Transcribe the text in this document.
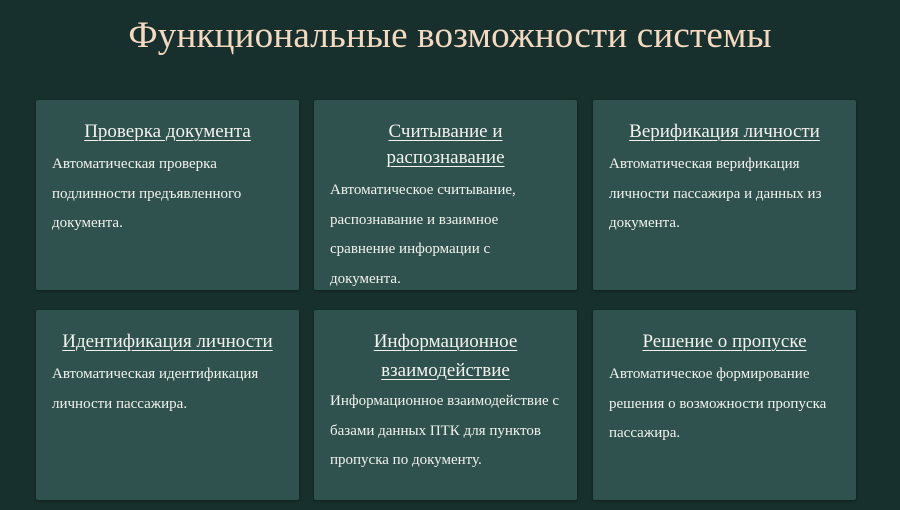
Функциональные возможности системы
Проверка документа
Автоматическая проверка подлинности предъявленного документа.
Считывание и распознавание
Автоматическое считывание, распознавание и взаимное сравнение информации с документа.
Верификация личности
Автоматическая верификация личности пассажира и данных из документа.
Идентификация личности
Автоматическая идентификация личности пассажира.
Информационное взаимодействие
Информационное взаимодействие с базами данных ПТК для пунктов пропуска по документу.
Решение о пропуске
Автоматическое формирование решения о возможности пропуска пассажира.
